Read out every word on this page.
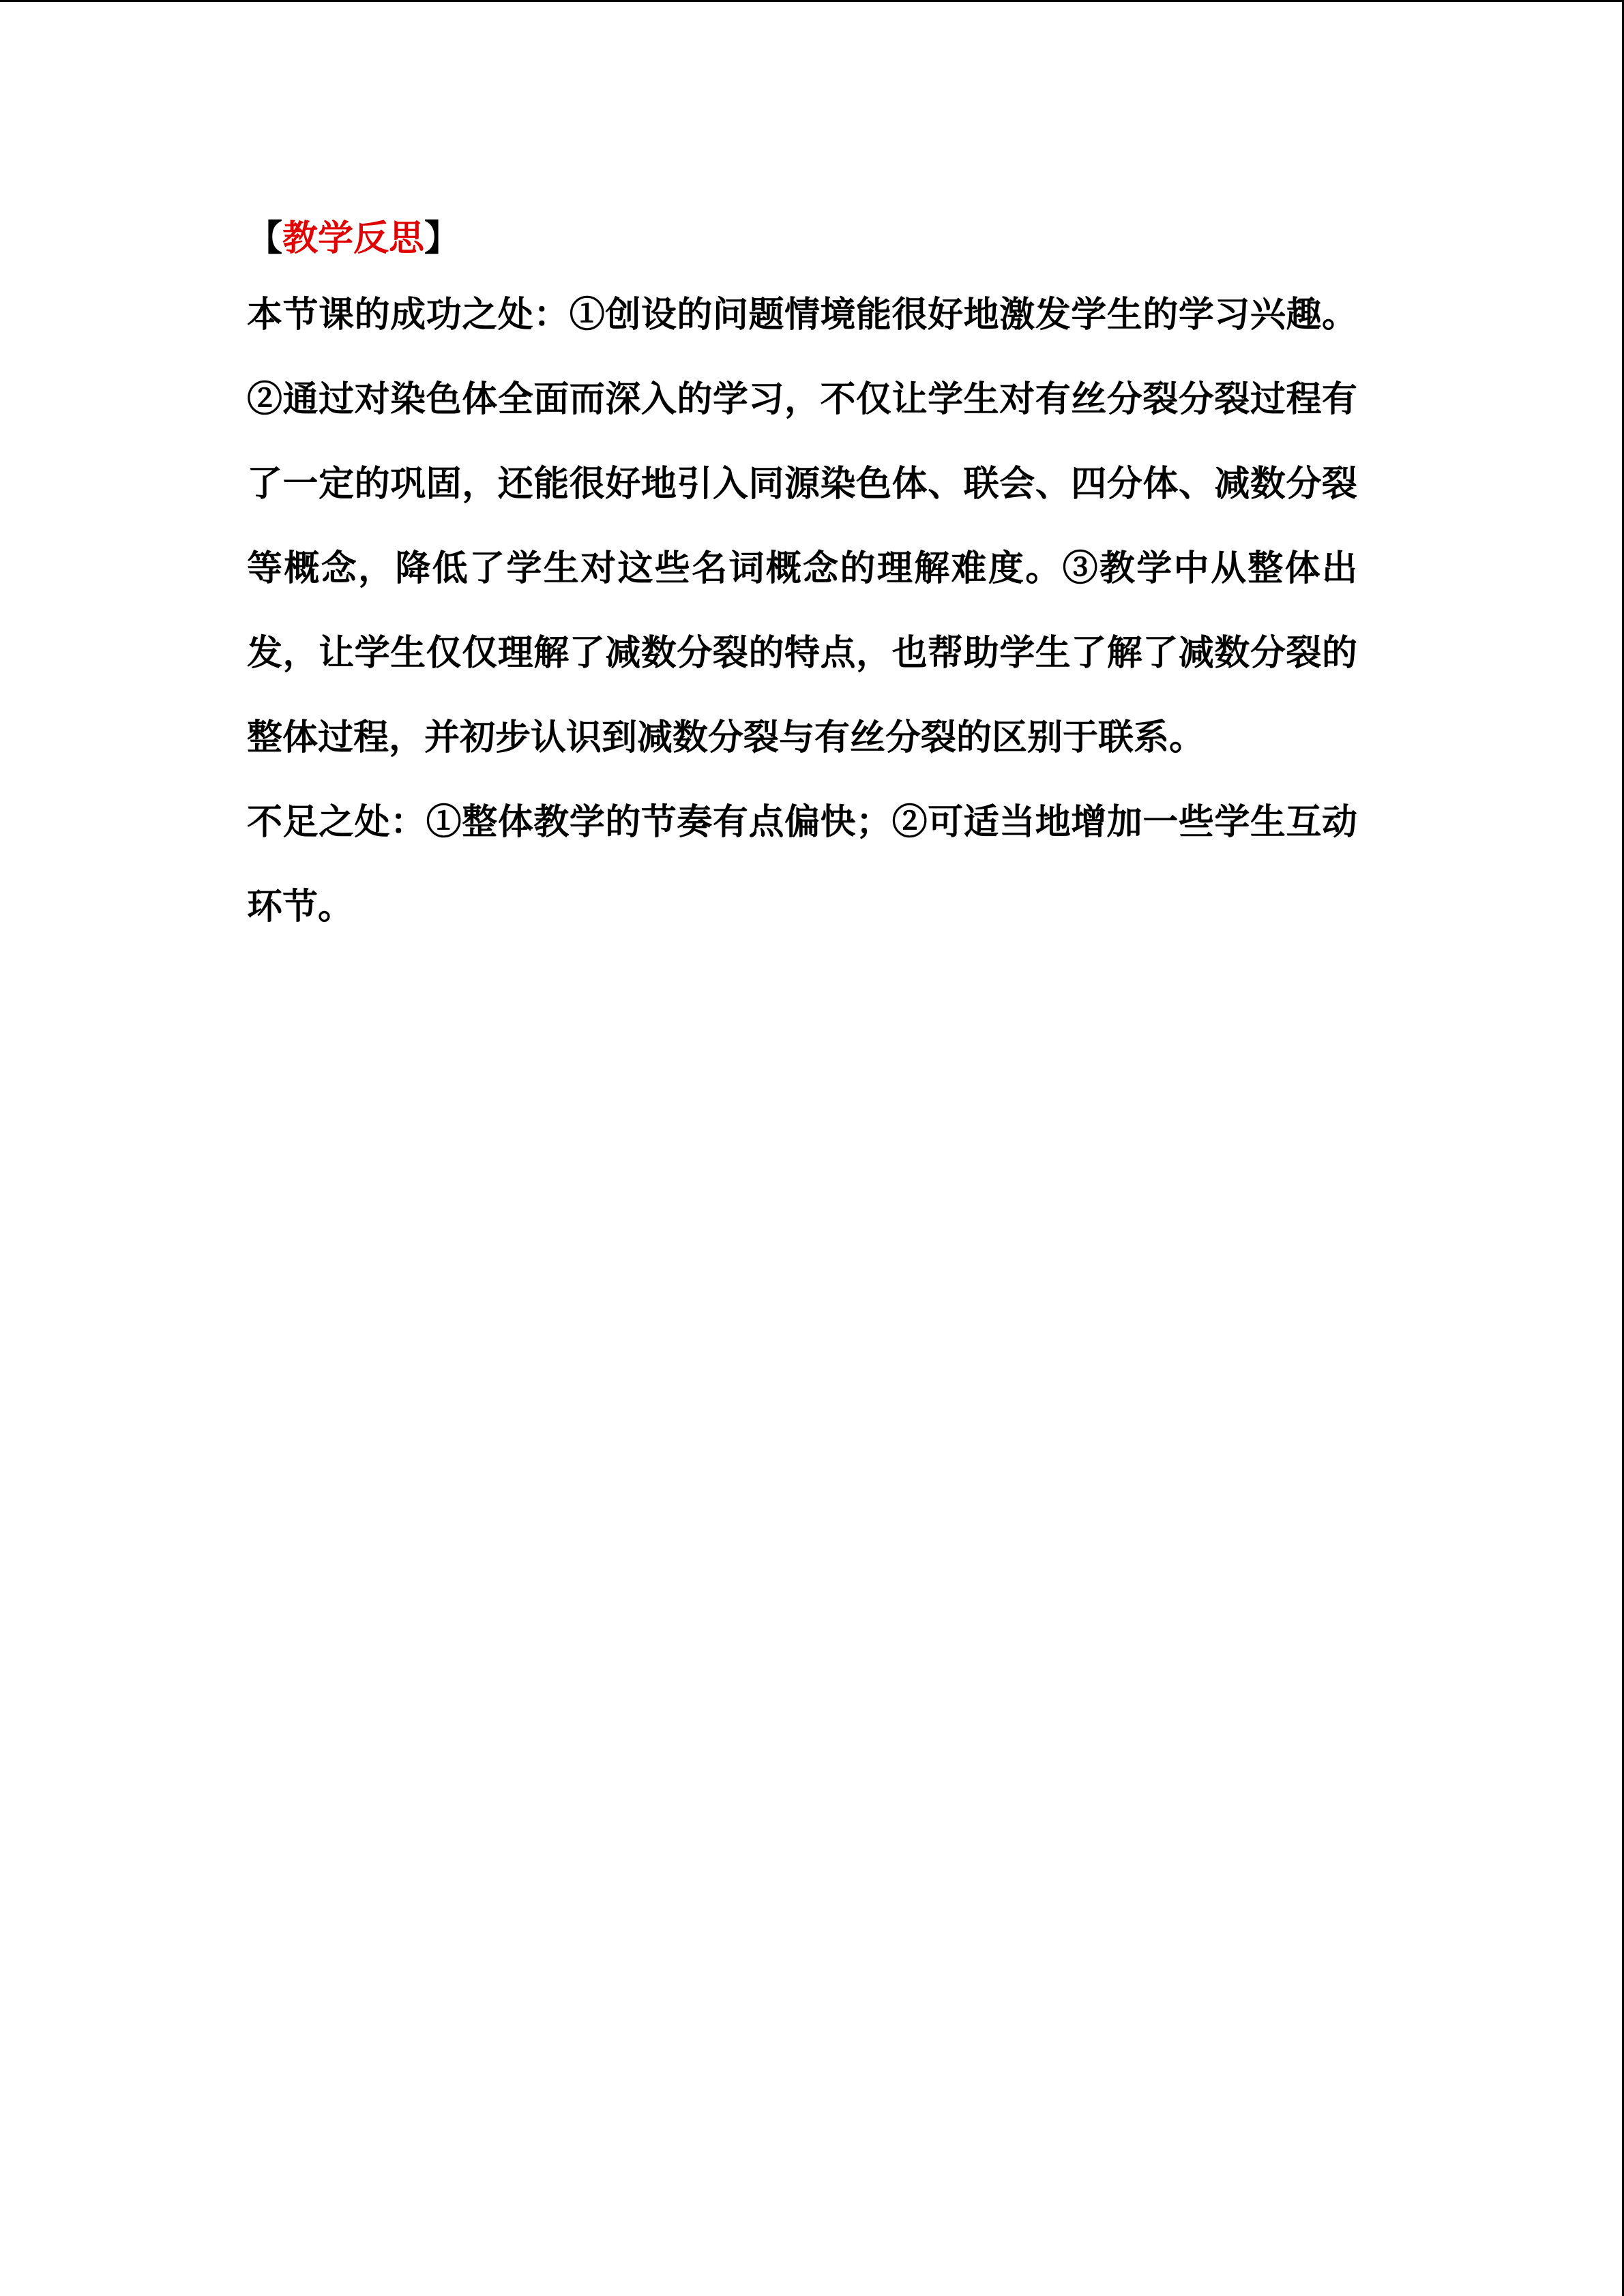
【教学反思】

本节课的成功之处：①创设的问题情境能很好地激发学生的学习兴趣。②通过对染色体全面而深入的学习，不仅让学生对有丝分裂分裂过程有了一定的巩固，还能很好地引入同源染色体、联会、四分体、减数分裂等概念，降低了学生对这些名词概念的理解难度。③教学中从整体出发，让学生仅仅理解了减数分裂的特点，也帮助学生了解了减数分裂的整体过程，并初步认识到减数分裂与有丝分裂的区别于联系。

不足之处：①整体教学的节奏有点偏快；②可适当地增加一些学生互动环节。
